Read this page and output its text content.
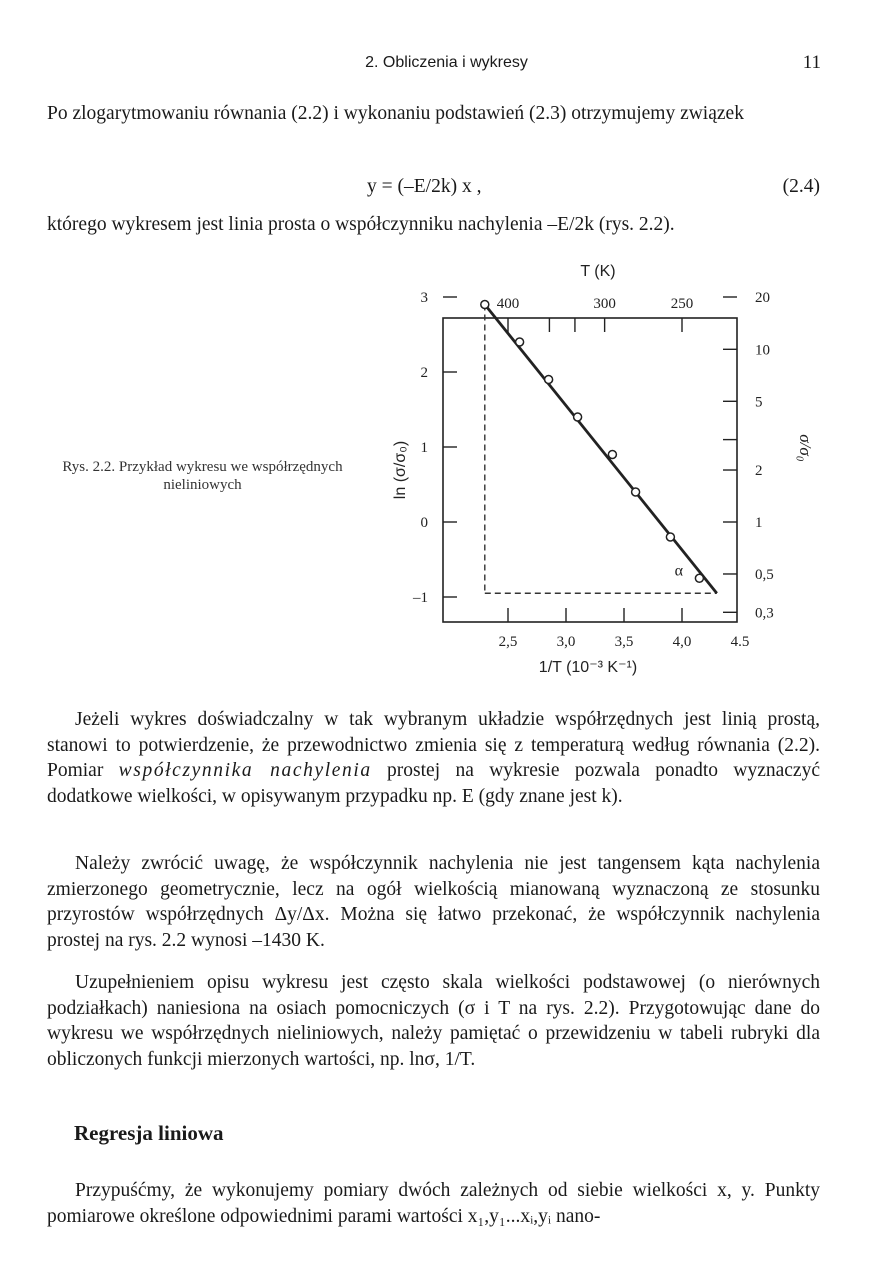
2. Obliczenia i wykresy	11

Po zlogarytmowaniu równania (2.2) i wykonaniu podstawień (2.3) otrzymujemy związek

y = (–E/2k) x ,	(2.4)

którego wykresem jest linia prosta o współczynniku nachylenia –E/2k (rys. 2.2).

Rys. 2.2. Przykład wykresu we współrzędnych nieliniowych
–1
0
1
2
3
2,5	3,0	3,5	4,0	4.5
400	300	250	20
10
5
2
1
0,5
0,3
1/T (10⁻³ K⁻¹)
T (K)
ln (σ/σ₀)	σ/σ₀
α

Jeżeli wykres doświadczalny w tak wybranym układzie współrzędnych jest linią prostą, stanowi to potwierdzenie, że przewodnictwo zmienia się z temperaturą według równania (2.2). Pomiar współczynnika nachylenia prostej na wykresie pozwala ponadto wyznaczyć dodatkowe wielkości, w opisywanym przypadku np. E (gdy znane jest k).

Należy zwrócić uwagę, że współczynnik nachylenia nie jest tangensem kąta nachylenia zmierzonego geometrycznie, lecz na ogół wielkością mianowaną wyznaczoną ze stosunku przyrostów współrzędnych Δy/Δx. Można się łatwo przekonać, że współczynnik nachylenia prostej na rys. 2.2 wynosi –1430 K.

Uzupełnieniem opisu wykresu jest często skala wielkości podstawowej (o nierównych podziałkach) naniesiona na osiach pomocniczych (σ i T na rys. 2.2). Przygotowując dane do wykresu we współrzędnych nieliniowych, należy pamiętać o przewidzeniu w tabeli rubryki dla obliczonych funkcji mierzonych wartości, np. lnσ, 1/T.

Regresja liniowa

Przypuśćmy, że wykonujemy pomiary dwóch zależnych od siebie wielkości x, y. Punkty pomiarowe określone odpowiednimi parami wartości x₁,y₁...xᵢ,yᵢ nano-
